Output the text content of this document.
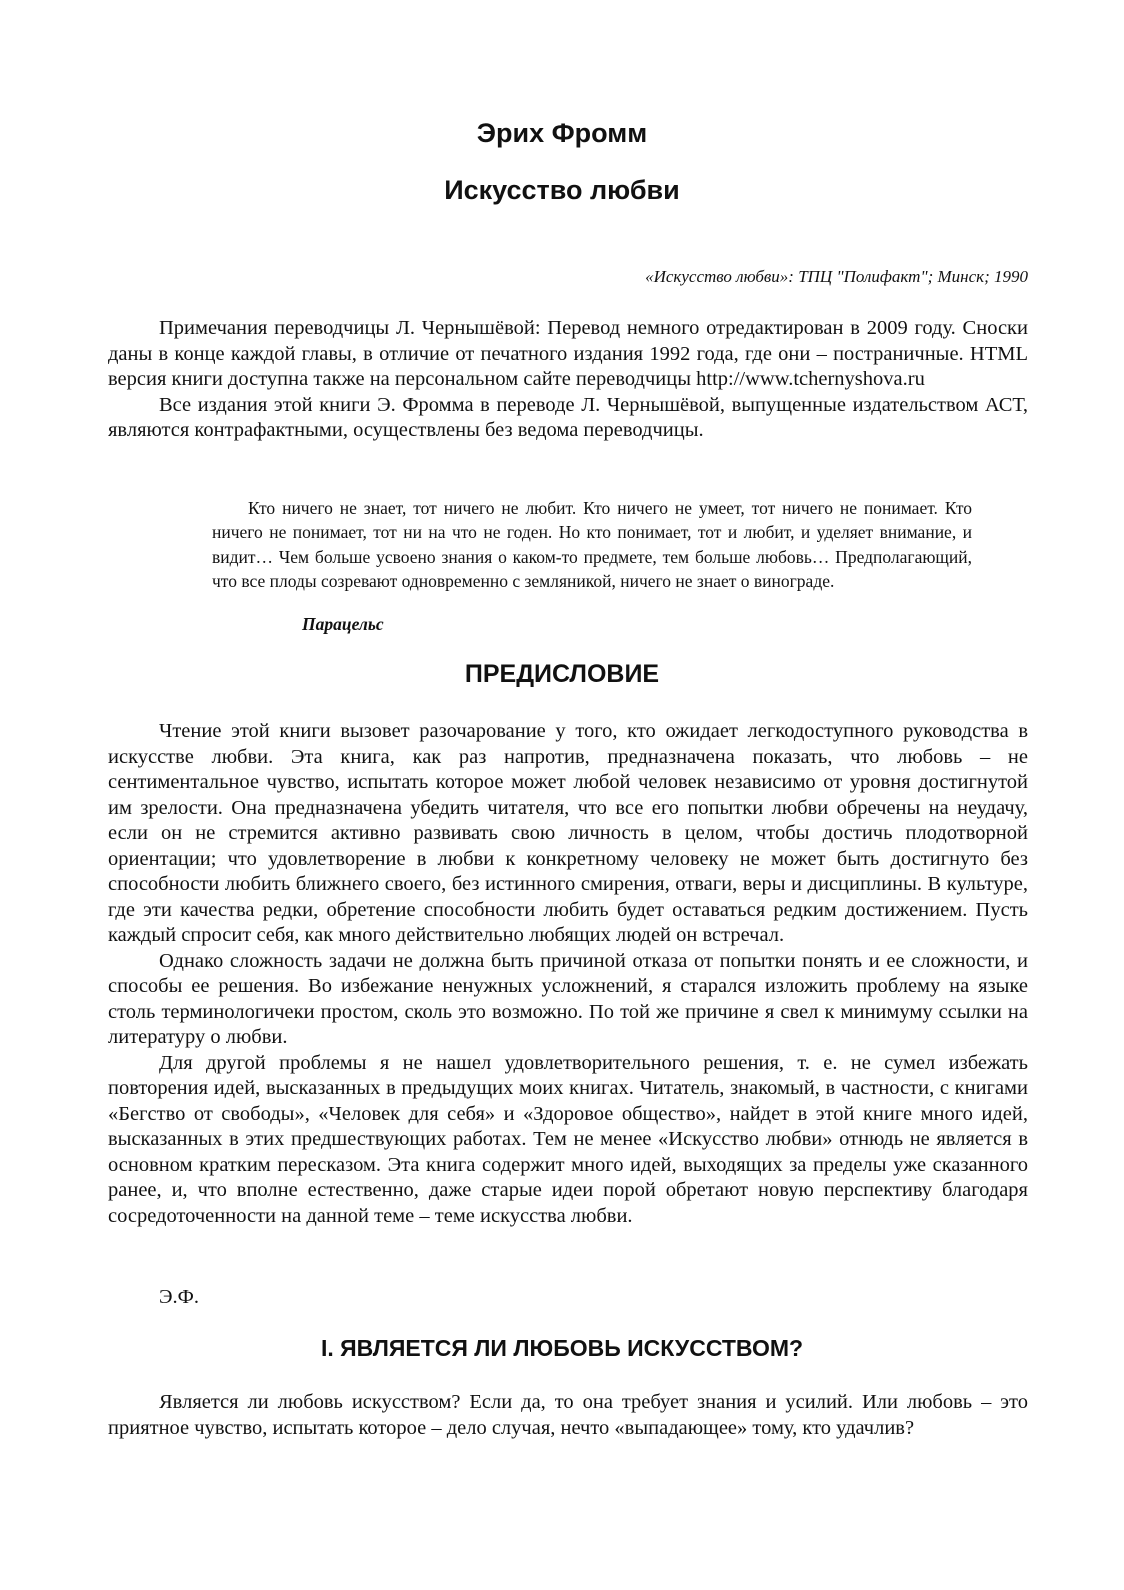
Эрих Фромм
Искусство любви
«Искусство любви»: ТПЦ "Полифакт"; Минск; 1990

Примечания переводчицы Л. Чернышёвой: Перевод немного отредактирован в 2009 году. Сноски даны в конце каждой главы, в отличие от печатного издания 1992 года, где они – постраничные. HTML версия книги доступна также на персональном сайте переводчицы http://www.tchernyshova.ru

Все издания этой книги Э. Фромма в переводе Л. Чернышёвой, выпущенные издательством АСТ, являются контрафактными, осуществлены без ведома переводчицы.

Кто ничего не знает, тот ничего не любит. Кто ничего не умеет, тот ничего не понимает. Кто ничего не понимает, тот ни на что не годен. Но кто понимает, тот и любит, и уделяет внимание, и видит… Чем больше усвоено знания о каком-то предмете, тем больше любовь… Предполагающий, что все плоды созревают одновременно с земляникой, ничего не знает о винограде.

Парацельс
ПРЕДИСЛОВИЕ

Чтение этой книги вызовет разочарование у того, кто ожидает легкодоступного руководства в искусстве любви. Эта книга, как раз напротив, предназначена показать, что любовь – не сентиментальное чувство, испытать которое может любой человек независимо от уровня достигнутой им зрелости. Она предназначена убедить читателя, что все его попытки любви обречены на неудачу, если он не стремится активно развивать свою личность в целом, чтобы достичь плодотворной ориентации; что удовлетворение в любви к конкретному человеку не может быть достигнуто без способности любить ближнего своего, без истинного смирения, отваги, веры и дисциплины. В культуре, где эти качества редки, обретение способности любить будет оставаться редким достижением. Пусть каждый спросит себя, как много действительно любящих людей он встречал.

Однако сложность задачи не должна быть причиной отказа от попытки понять и ее сложности, и способы ее решения. Во избежание ненужных усложнений, я старался изложить проблему на языке столь терминологичеки простом, сколь это возможно. По той же причине я свел к минимуму ссылки на литературу о любви.

Для другой проблемы я не нашел удовлетворительного решения, т. е. не сумел избежать повторения идей, высказанных в предыдущих моих книгах. Читатель, знакомый, в частности, с книгами «Бегство от свободы», «Человек для себя» и «Здоровое общество», найдет в этой книге много идей, высказанных в этих предшествующих работах. Тем не менее «Искусство любви» отнюдь не является в основном кратким пересказом. Эта книга содержит много идей, выходящих за пределы уже сказанного ранее, и, что вполне естественно, даже старые идеи порой обретают новую перспективу благодаря сосредоточенности на данной теме – теме искусства любви.

Э.Ф.
I. ЯВЛЯЕТСЯ ЛИ ЛЮБОВЬ ИСКУССТВОМ?

Является ли любовь искусством? Если да, то она требует знания и усилий. Или любовь – это приятное чувство, испытать которое – дело случая, нечто «выпадающее» тому, кто удачлив?
